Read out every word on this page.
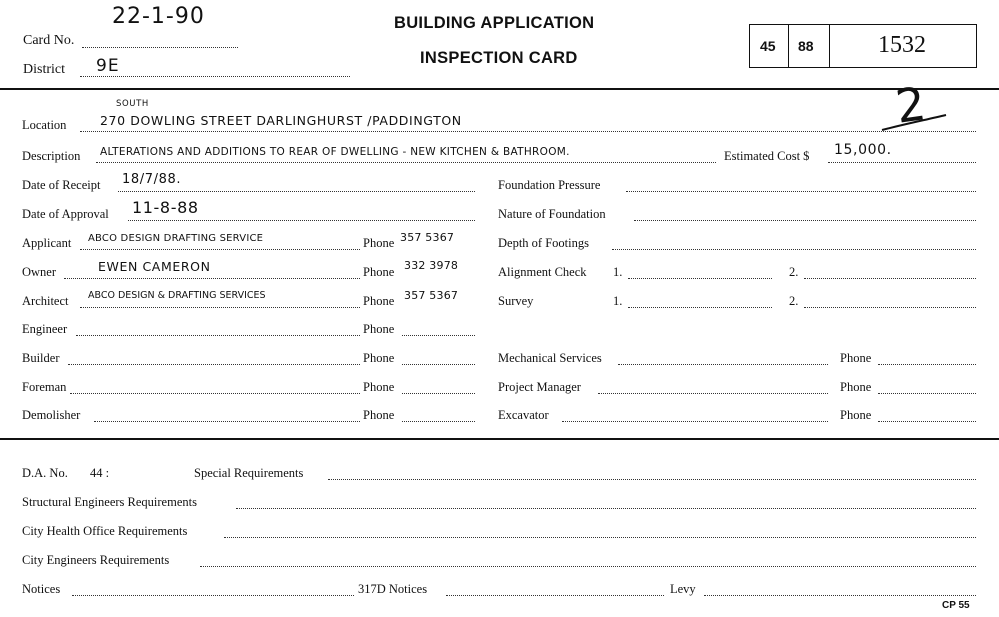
Card No.
22-1-90
District 9E
BUILDING APPLICATION
INSPECTION CARD
45 88	1532
2
SOUTH
Location	270 DOWLING STREET DARLINGHURST /PADDINGTON
Description ALTERATIONS AND ADDITIONS TO REAR OF DWELLING - NEW KITCHEN & BATHROOM.	Estimated Cost $ 15,000.
Date of Receipt 18/7/88.
Date of Approval 11-8-88
Applicant ABCO DESIGN DRAFTING SERVICE	Phone 357 5367
Owner	EWEN CAMERON	Phone 332 3978
Architect ABCO DESIGN & DRAFTING SERVICES	Phone 357 5367
Engineer	Phone
Builder	Phone
Foreman	Phone
Demolisher	Phone
Foundation Pressure
Nature of Foundation
Depth of Footings
Alignment Check 1.	2.
Survey	1.	2.
Mechanical Services	Phone
Project Manager	Phone
Excavator	Phone
D.A. No. 44 :	Special Requirements
Structural Engineers Requirements
City Health Office Requirements
City Engineers Requirements
Notices	317D Notices	Levy
CP 55
